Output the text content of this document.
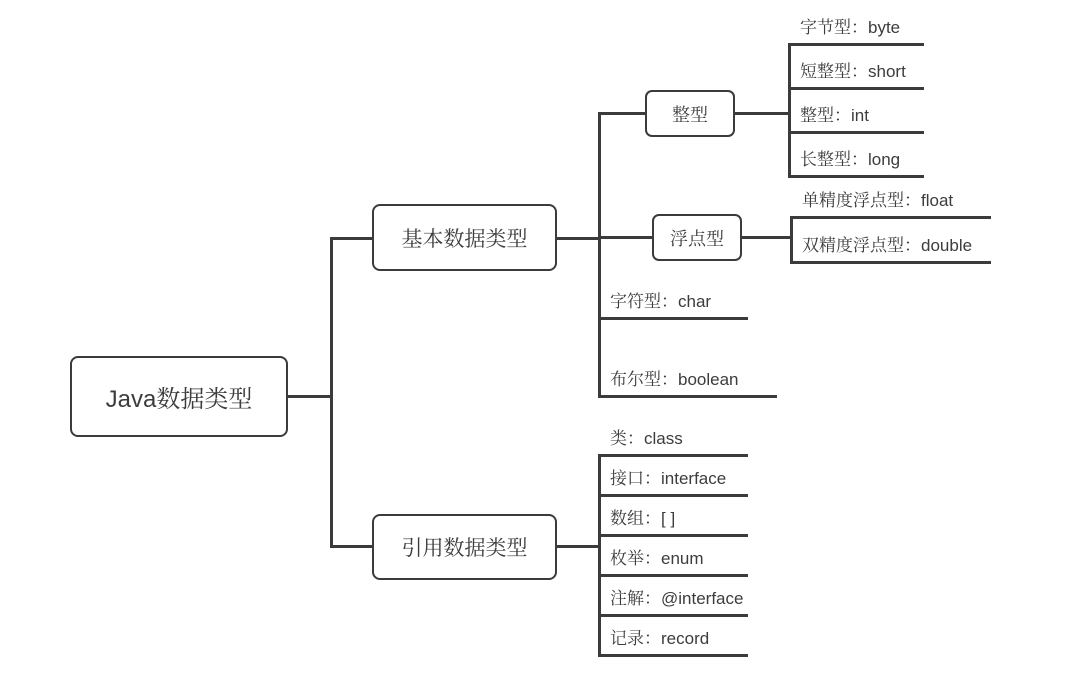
Java数据类型
基本数据类型
引用数据类型
整型
浮点型
字节型：byte
短整型：short
整型：int
长整型：long
单精度浮点型：float
双精度浮点型：double
字符型：char
布尔型：boolean
类：class
接口：interface
数组：[ ]
枚举：enum
注解：@interface
记录：record
